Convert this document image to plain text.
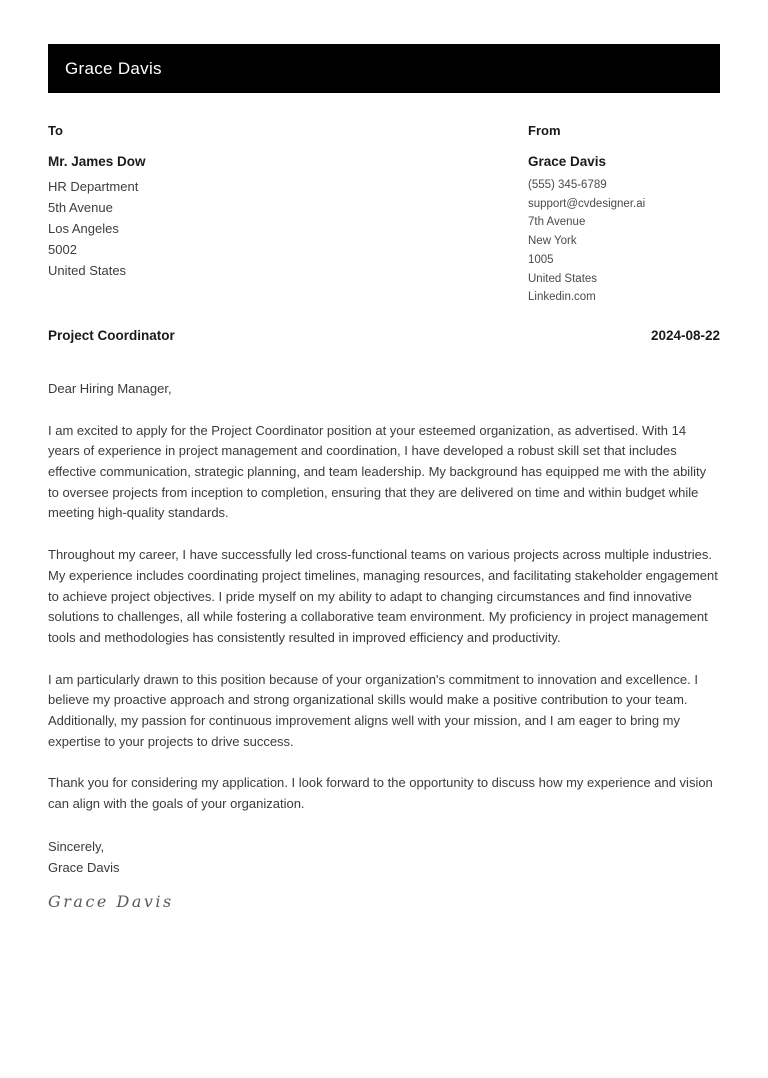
Grace Davis
To
Mr. James Dow
HR Department
5th Avenue
Los Angeles
5002
United States
From
Grace Davis
(555) 345-6789
support@cvdesigner.ai
7th Avenue
New York
1005
United States
Linkedin.com
Project Coordinator	2024-08-22
Dear Hiring Manager,

I am excited to apply for the Project Coordinator position at your esteemed organization, as advertised. With 14 years of experience in project management and coordination, I have developed a robust skill set that includes effective communication, strategic planning, and team leadership. My background has equipped me with the ability to oversee projects from inception to completion, ensuring that they are delivered on time and within budget while meeting high-quality standards.

Throughout my career, I have successfully led cross-functional teams on various projects across multiple industries. My experience includes coordinating project timelines, managing resources, and facilitating stakeholder engagement to achieve project objectives. I pride myself on my ability to adapt to changing circumstances and find innovative solutions to challenges, all while fostering a collaborative team environment. My proficiency in project management tools and methodologies has consistently resulted in improved efficiency and productivity.

I am particularly drawn to this position because of your organization's commitment to innovation and excellence. I believe my proactive approach and strong organizational skills would make a positive contribution to your team. Additionally, my passion for continuous improvement aligns well with your mission, and I am eager to bring my expertise to your projects to drive success.

Thank you for considering my application. I look forward to the opportunity to discuss how my experience and vision can align with the goals of your organization.

Sincerely,
Grace Davis
Grace Davis
